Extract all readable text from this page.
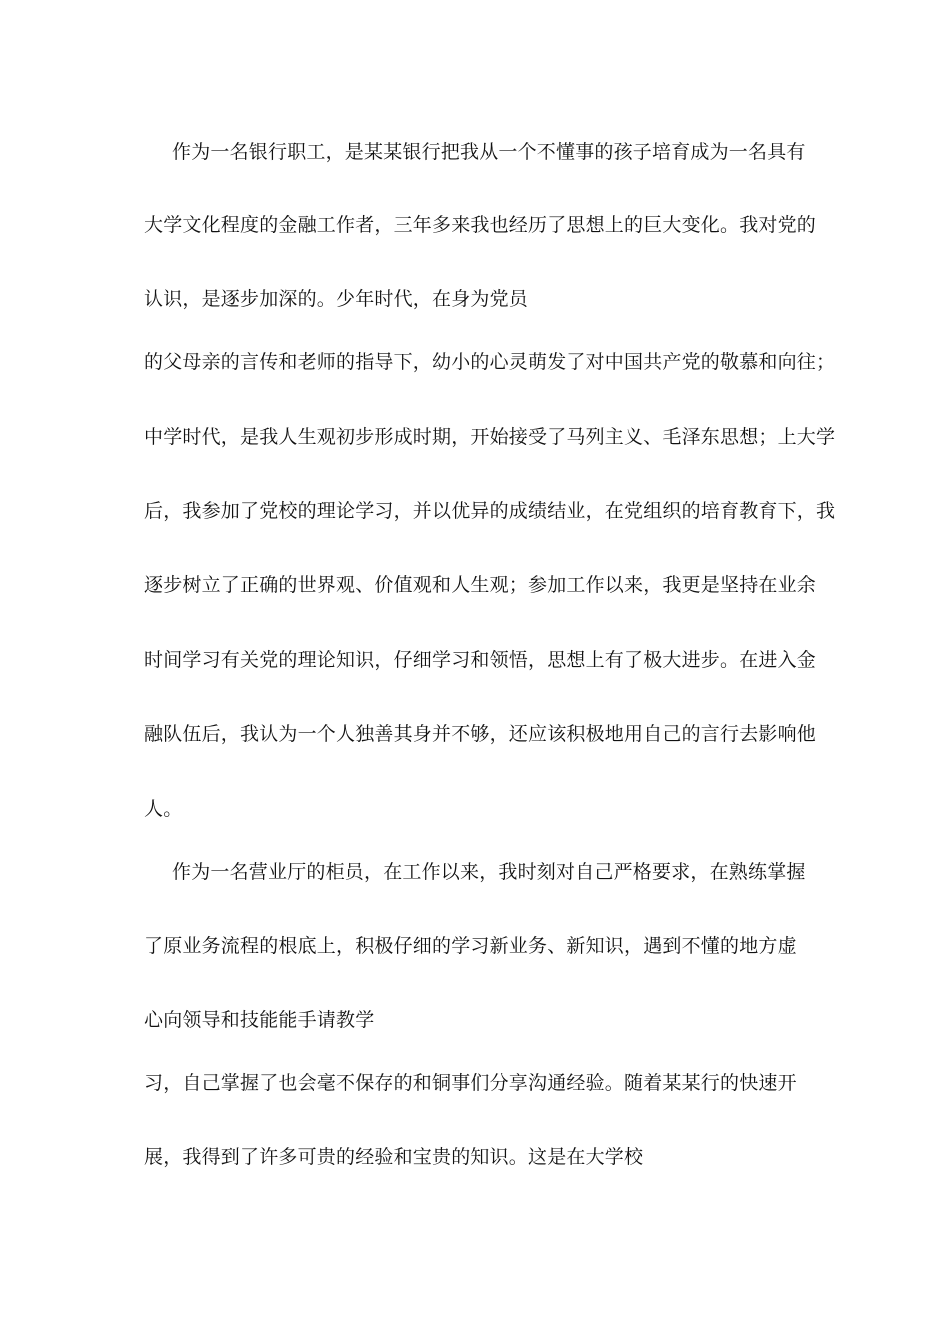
作为一名银行职工，是某某银行把我从一个不懂事的孩子培育成为一名具有
大学文化程度的金融工作者，三年多来我也经历了思想上的巨大变化。我对党的
认识，是逐步加深的。少年时代，在身为党员
的父母亲的言传和老师的指导下，幼小的心灵萌发了对中国共产党的敬慕和向往；
中学时代，是我人生观初步形成时期，开始接受了马列主义、毛泽东思想；上大学
后，我参加了党校的理论学习，并以优异的成绩结业，在党组织的培育教育下，我
逐步树立了正确的世界观、价值观和人生观；参加工作以来，我更是坚持在业余
时间学习有关党的理论知识，仔细学习和领悟，思想上有了极大进步。在进入金
融队伍后，我认为一个人独善其身并不够，还应该积极地用自己的言行去影响他
人。
作为一名营业厅的柜员，在工作以来，我时刻对自己严格要求，在熟练掌握
了原业务流程的根底上，积极仔细的学习新业务、新知识，遇到不懂的地方虚
心向领导和技能能手请教学
习，自己掌握了也会毫不保存的和铜事们分享沟通经验。随着某某行的快速开
展，我得到了许多可贵的经验和宝贵的知识。这是在大学校
